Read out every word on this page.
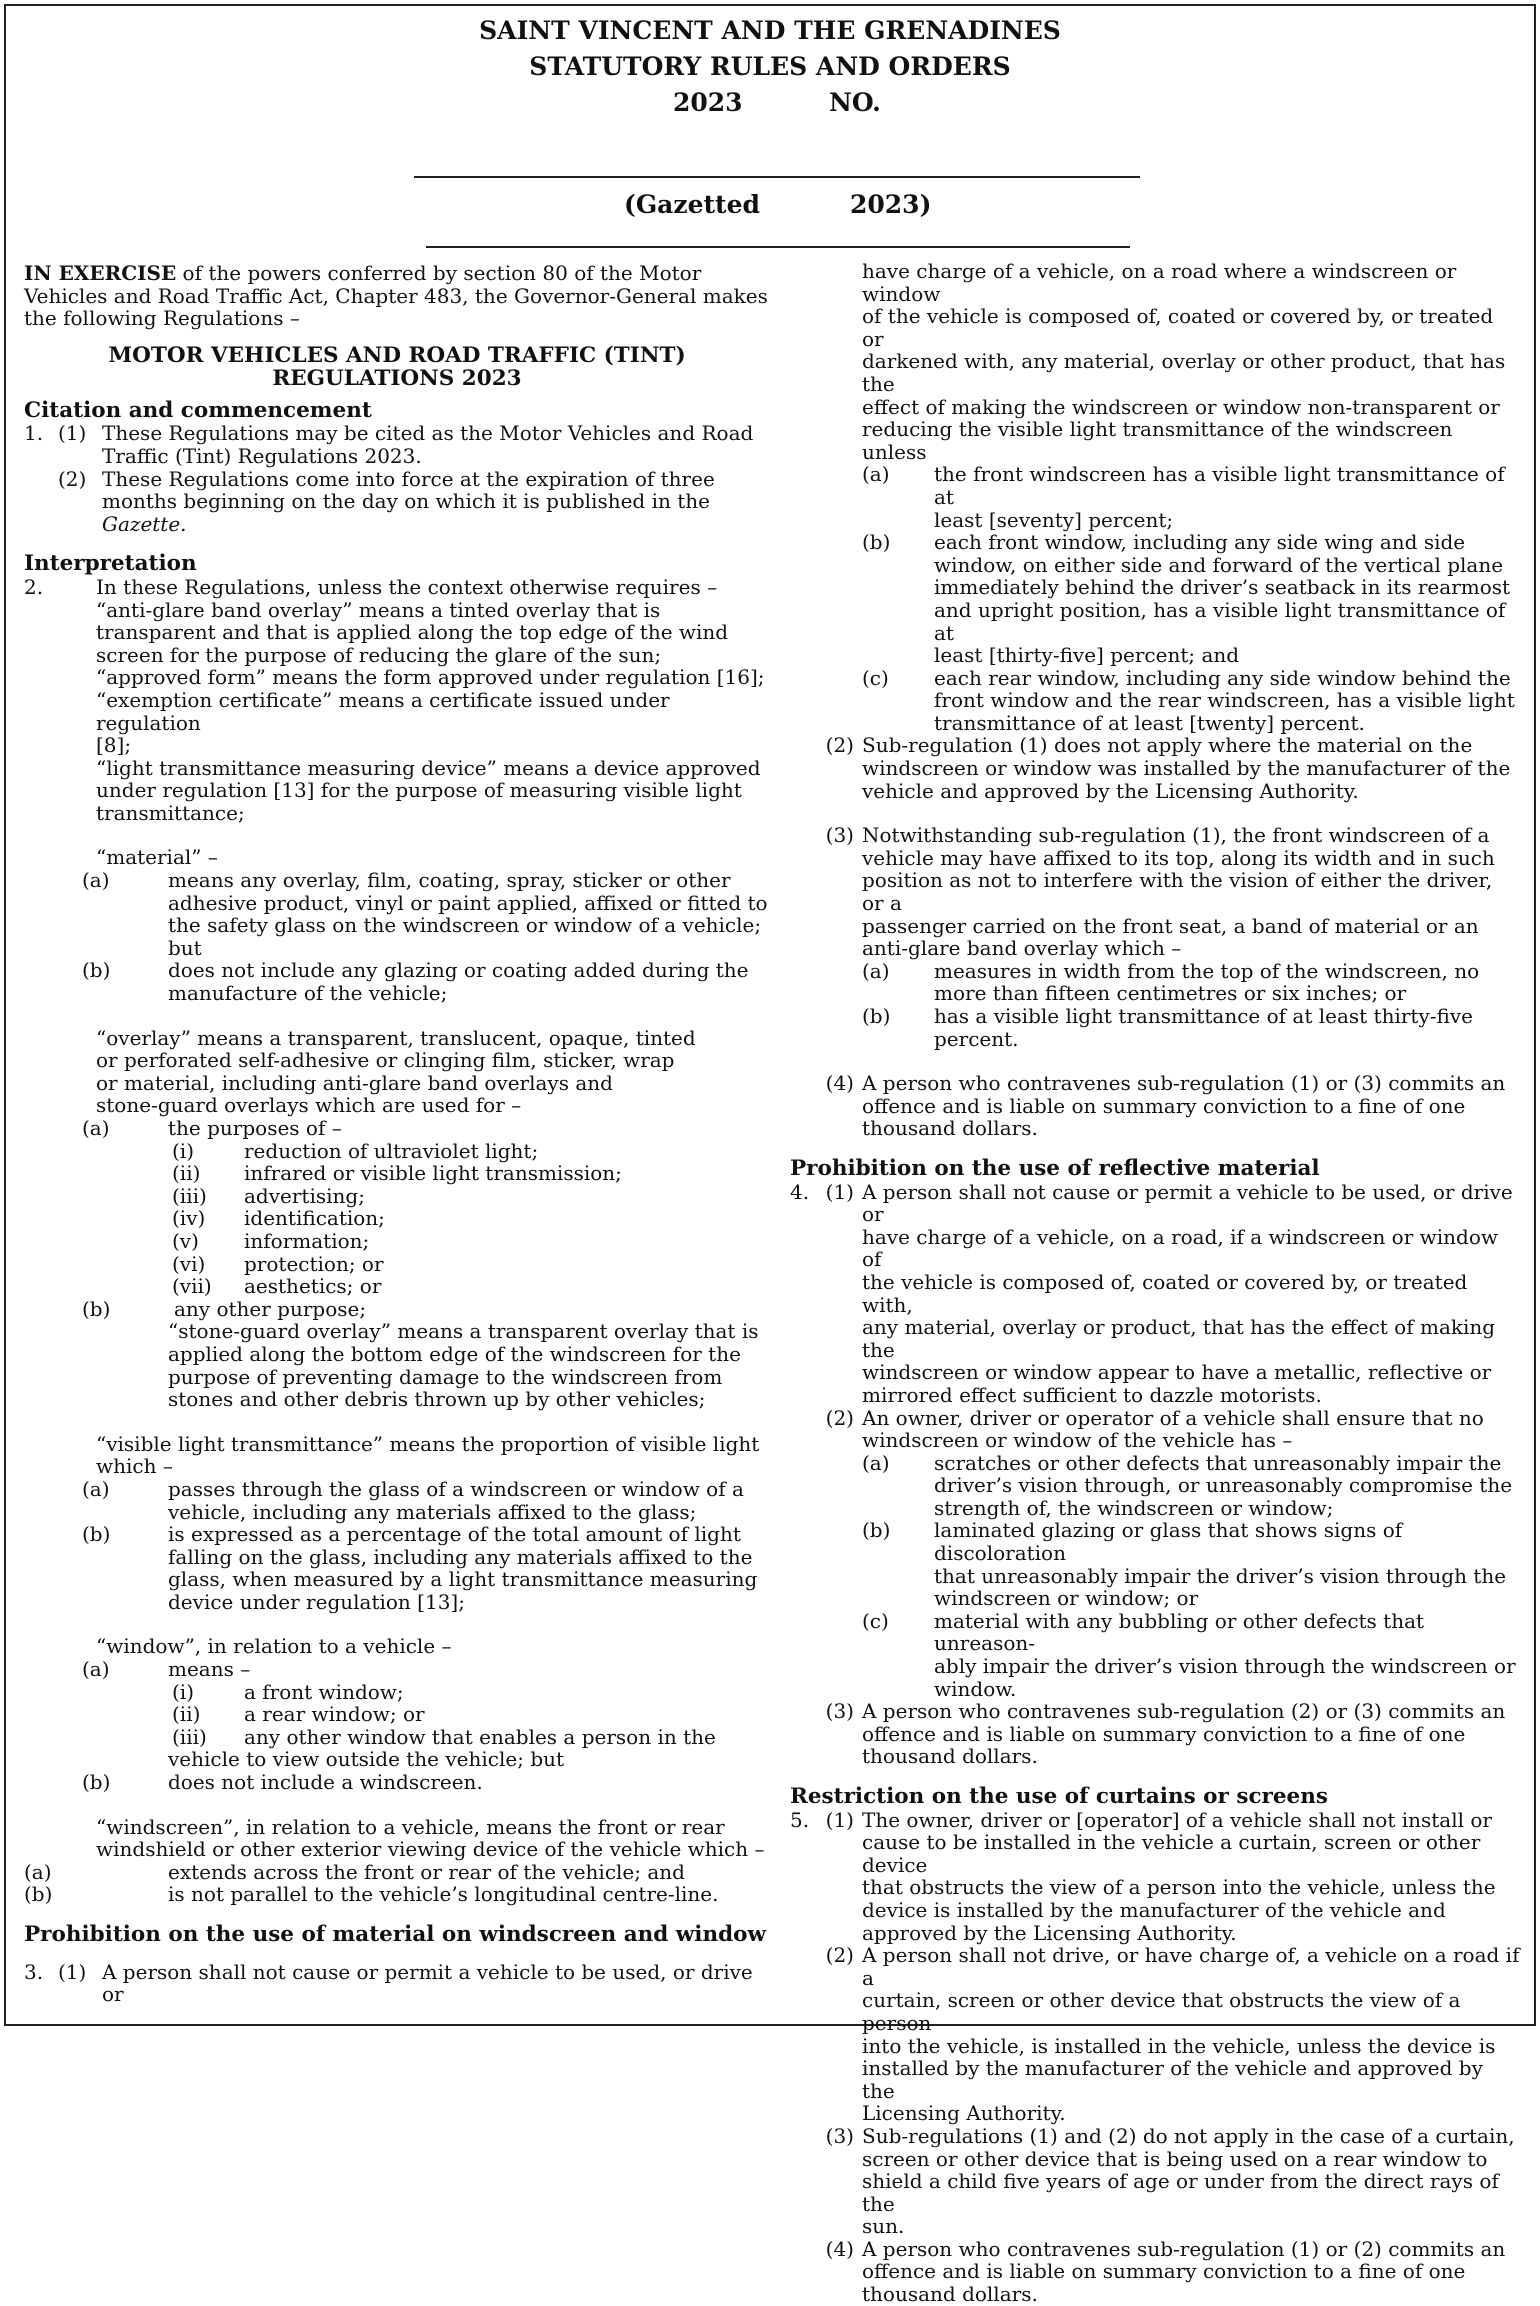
SAINT VINCENT AND THE GRENADINES
STATUTORY RULES AND ORDERS
2023	NO.
(Gazetted	2023)

IN EXERCISE of the powers conferred by section 80 of the Motor

Vehicles and Road Traffic Act, Chapter 483, the Governor-General makes

the following Regulations –

MOTOR VEHICLES AND ROAD TRAFFIC (TINT)
REGULATIONS 2023
Citation and commencement
1. (1) These Regulations may be cited as the Motor Vehicles and Road

Traffic (Tint) Regulations 2023.

(2) These Regulations come into force at the expiration of three

months beginning on the day on which it is published in the

Gazette.

Interpretation
2.	In these Regulations, unless the context otherwise requires –

“anti-glare band overlay” means a tinted overlay that is

transparent and that is applied along the top edge of the wind

screen for the purpose of reducing the glare of the sun;

“approved form” means the form approved under regulation [16];

“exemption certificate” means a certificate issued under regulation

[8];

“light transmittance measuring device” means a device approved

under regulation [13] for the purpose of measuring visible light

transmittance;

“material” –

(a)	means any overlay, film, coating, spray, sticker or other

adhesive product, vinyl or paint applied, affixed or fitted to

the safety glass on the windscreen or window of a vehicle;

but

(b)	does not include any glazing or coating added during the

manufacture of the vehicle;

“overlay” means a transparent, translucent, opaque, tinted

or perforated self-adhesive or clinging film, sticker, wrap

or material, including anti-glare band overlays and

stone-guard overlays which are used for –

(a)	the purposes of –
(i)	reduction of ultraviolet light;
(ii)	infrared or visible light transmission;
(iii)	advertising;
(iv)	identification;
(v)	information;
(vi)	protection; or
(vii)	aesthetics; or
(b)	any other purpose;

“stone-guard overlay” means a transparent overlay that is

applied along the bottom edge of the windscreen for the

purpose of preventing damage to the windscreen from

stones and other debris thrown up by other vehicles;

“visible light transmittance” means the proportion of visible light

which –

(a)	passes through the glass of a windscreen or window of a

vehicle, including any materials affixed to the glass;

(b)	is expressed as a percentage of the total amount of light

falling on the glass, including any materials affixed to the

glass, when measured by a light transmittance measuring

device under regulation [13];

“window”, in relation to a vehicle –

(a)	means –
(i)	a front window;
(ii)	a rear window; or
(iii)	any other window that enables a person in the

vehicle to view outside the vehicle; but

(b)	does not include a windscreen.

“windscreen”, in relation to a vehicle, means the front or rear

windshield or other exterior viewing device of the vehicle which –

(a)	extends across the front or rear of the vehicle; and
(b)	is not parallel to the vehicle’s longitudinal centre-line.
Prohibition on the use of material on windscreen and window
3. (1) A person shall not cause or permit a vehicle to be used, or drive or

have charge of a vehicle, on a road where a windscreen or window

of the vehicle is composed of, coated or covered by, or treated or

darkened with, any material, overlay or other product, that has the

effect of making the windscreen or window non-transparent or

reducing the visible light transmittance of the windscreen unless

(a)	the front windscreen has a visible light transmittance of at

least [seventy] percent;

(b)	each front window, including any side wing and side

window, on either side and forward of the vertical plane

immediately behind the driver’s seatback in its rearmost

and upright position, has a visible light transmittance of at

least [thirty-five] percent; and

(c)	each rear window, including any side window behind the

front window and the rear windscreen, has a visible light

transmittance of at least [twenty] percent.

(2) Sub-regulation (1) does not apply where the material on the

windscreen or window was installed by the manufacturer of the

vehicle and approved by the Licensing Authority.

(3) Notwithstanding sub-regulation (1), the front windscreen of a

vehicle may have affixed to its top, along its width and in such

position as not to interfere with the vision of either the driver, or a

passenger carried on the front seat, a band of material or an

anti-glare band overlay which –

(a)	measures in width from the top of the windscreen, no

more than fifteen centimetres or six inches; or

(b)	has a visible light transmittance of at least thirty-five

percent.

(4) A person who contravenes sub-regulation (1) or (3) commits an

offence and is liable on summary conviction to a fine of one

thousand dollars.

Prohibition on the use of reflective material
4. (1) A person shall not cause or permit a vehicle to be used, or drive or

have charge of a vehicle, on a road, if a windscreen or window of

the vehicle is composed of, coated or covered by, or treated with,

any material, overlay or product, that has the effect of making the

windscreen or window appear to have a metallic, reflective or

mirrored effect sufficient to dazzle motorists.

(2) An owner, driver or operator of a vehicle shall ensure that no

windscreen or window of the vehicle has –

(a)	scratches or other defects that unreasonably impair the

driver’s vision through, or unreasonably compromise the

strength of, the windscreen or window;

(b)	laminated glazing or glass that shows signs of discoloration

that unreasonably impair the driver’s vision through the

windscreen or window; or

(c)	material with any bubbling or other defects that unreason-

ably impair the driver’s vision through the windscreen or

window.

(3) A person who contravenes sub-regulation (2) or (3) commits an

offence and is liable on summary conviction to a fine of one

thousand dollars.

Restriction on the use of curtains or screens
5. (1) The owner, driver or [operator] of a vehicle shall not install or

cause to be installed in the vehicle a curtain, screen or other device

that obstructs the view of a person into the vehicle, unless the

device is installed by the manufacturer of the vehicle and

approved by the Licensing Authority.

(2) A person shall not drive, or have charge of, a vehicle on a road if a

curtain, screen or other device that obstructs the view of a person

into the vehicle, is installed in the vehicle, unless the device is

installed by the manufacturer of the vehicle and approved by the

Licensing Authority.

(3) Sub-regulations (1) and (2) do not apply in the case of a curtain,

screen or other device that is being used on a rear window to

shield a child five years of age or under from the direct rays of the

sun.

(4) A person who contravenes sub-regulation (1) or (2) commits an

offence and is liable on summary conviction to a fine of one

thousand dollars.
